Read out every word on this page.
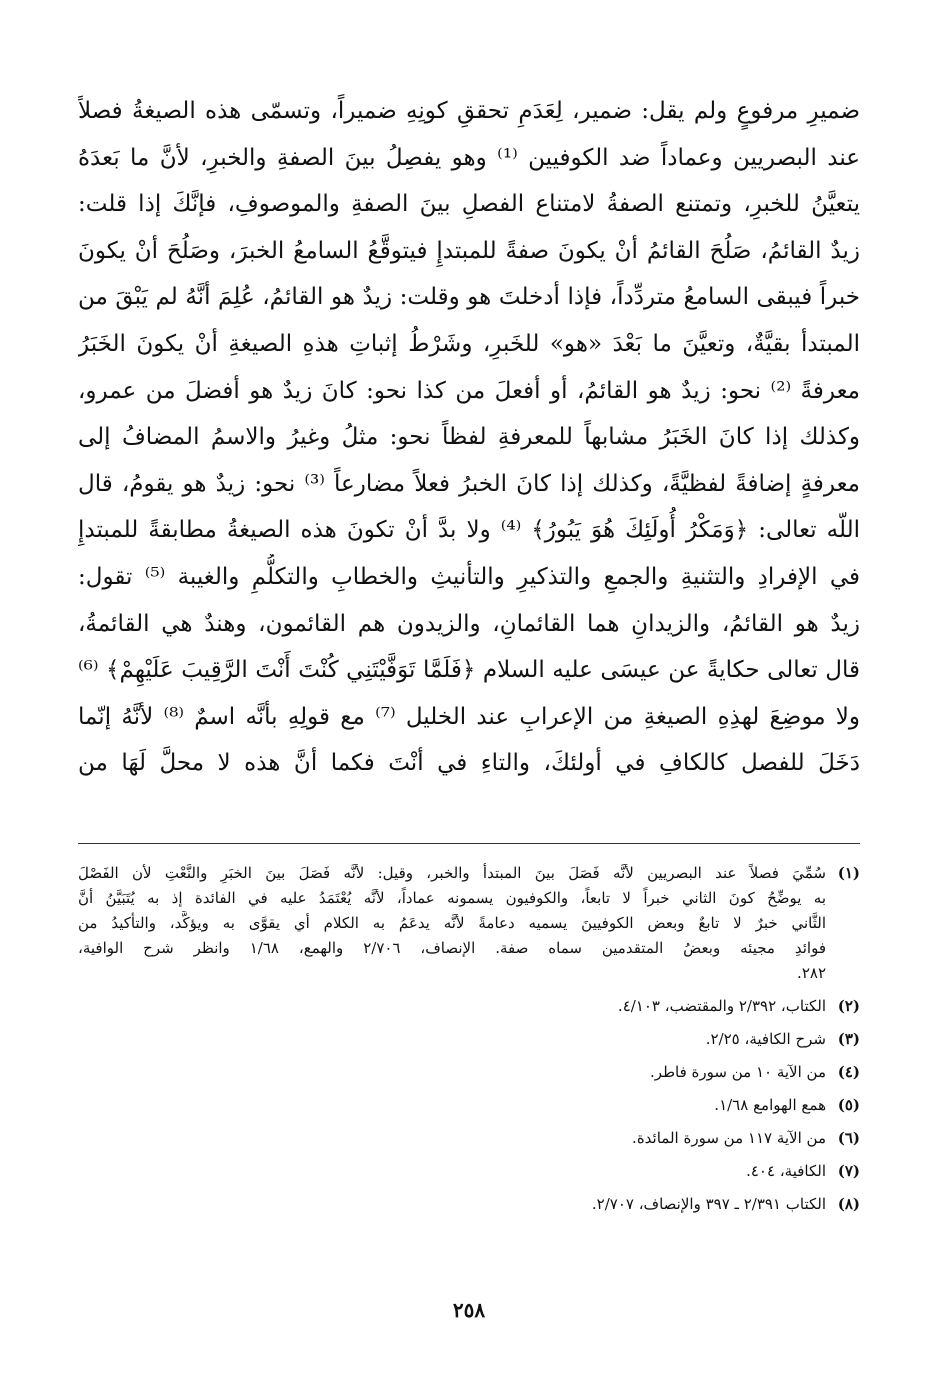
ضميرِ مرفوعٍ ولم يقل: ضمير، لِعَدَمِ تحققِ كونِهِ ضميراً، وتسمّى هذه الصيغةُ فصلاً
عند البصريين وعماداً ضد الكوفيين ⁽¹⁾ وهو يفصِلُ بينَ الصفةِ والخبرِ، لأنَّ ما بَعدَهُ
يتعيَّنُ للخبرِ، وتمتنع الصفةُ لامتناع الفصلِ بينَ الصفةِ والموصوفِ، فإنَّكَ إذا قلت:
زيدٌ القائمُ، صَلُحَ القائمُ أنْ يكونَ صفةً للمبتدإِ فيتوقَّعُ السامعُ الخبرَ، وصَلُحَ أنْ يكونَ
خبراً فيبقى السامعُ متردِّداً، فإذا أدخلتَ هو وقلت: زيدٌ هو القائمُ، عُلِمَ أنَّهُ لم يَبْقَ من
المبتدأ بقيَّةٌ، وتعيَّنَ ما بَعْدَ «هو» للخَبرِ، وشَرْطُ إثباتِ هذهِ الصيغةِ أنْ يكونَ الخَبَرُ
معرفةً ⁽²⁾ نحو: زيدٌ هو القائمُ، أو أفعلَ من كذا نحو: كانَ زيدٌ هو أفضلَ من عمرو،
وكذلك إذا كانَ الخَبَرُ مشابهاً للمعرفةِ لفظاً نحو: مثلُ وغيرُ والاسمُ المضافُ إلى
معرفةٍ إضافةً لفظيَّةً، وكذلك إذا كانَ الخبرُ فعلاً مضارعاً ⁽³⁾ نحو: زيدٌ هو يقومُ، قال
اللّه تعالى: ﴿وَمَكْرُ أُولَئِكَ هُوَ يَبُورُ﴾ ⁽⁴⁾ ولا بدَّ أنْ تكونَ هذه الصيغةُ مطابقةً للمبتدإِ
في الإفرادِ والتثنيةِ والجمعِ والتذكيرِ والتأنيثِ والخطابِ والتكلُّمِ والغيبة ⁽⁵⁾ تقول:
زيدٌ هو القائمُ، والزيدانِ هما القائمانِ، والزيدون هم القائمون، وهندٌ هي القائمةُ،
قال تعالى حكايةً عن عيسَى عليه السلام ﴿فَلَمَّا تَوَفَّيْتَنِي كُنْتَ أَنْتَ الرَّقِيبَ عَلَيْهِمْ﴾ ⁽⁶⁾
ولا موضِعَ لهذِهِ الصيغةِ من الإعرابِ عند الخليل ⁽⁷⁾ مع قولِهِ بأنَّه اسمٌ ⁽⁸⁾ لأنَّهُ إنّما
دَخَلَ للفصل كالكافِ في أولئكَ، والتاءِ في أنْتَ فكما أنَّ هذه لا محلَّ لَهَا من
(١)
سُمِّيَ فصلاً عند البصريين لأنَّه فَصَلَ بينَ المبتدأ والخبر، وقيل: لأنَّه فَصَلَ بينَ الخبَرِ والنَّعْتِ لأن الفَصْلَ
به يوضِّحُ كونَ الثاني خبراً لا تابعاً، والكوفيون يسمونه عماداً، لأنَّه يُعْتَمَدُ عليه في الفائدة إذ به يُتَبَيَّنُ أنَّ
الثَّاني خبرٌ لا تابعٌ وبعض الكوفيينَ يسميه دعامةً لأنَّه يدعَمُ به الكلام أي يقوَّى به ويؤكَّد، والتأكيدُ من
فوائدِ مجيئه وبعضُ المتقدمين سماه صفة. الإنصاف، ٢/٧٠٦ والهمع، ١/٦٨ وانظر شرح الوافية،
٢٨٢.
(٢)
الكتاب، ٢/٣٩٢ والمقتضب، ٤/١٠٣.
(٣)
شرح الكافية، ٢/٢٥.
(٤)
من الآية ١٠ من سورة فاطر.
(٥)
همع الهوامع ١/٦٨.
(٦)
من الآية ١١٧ من سورة المائدة.
(٧)
الكافية، ٤٠٤.
(٨)
الكتاب ٢/٣٩١ ـ ٣٩٧ والإنصاف، ٢/٧٠٧.
٢٥٨
